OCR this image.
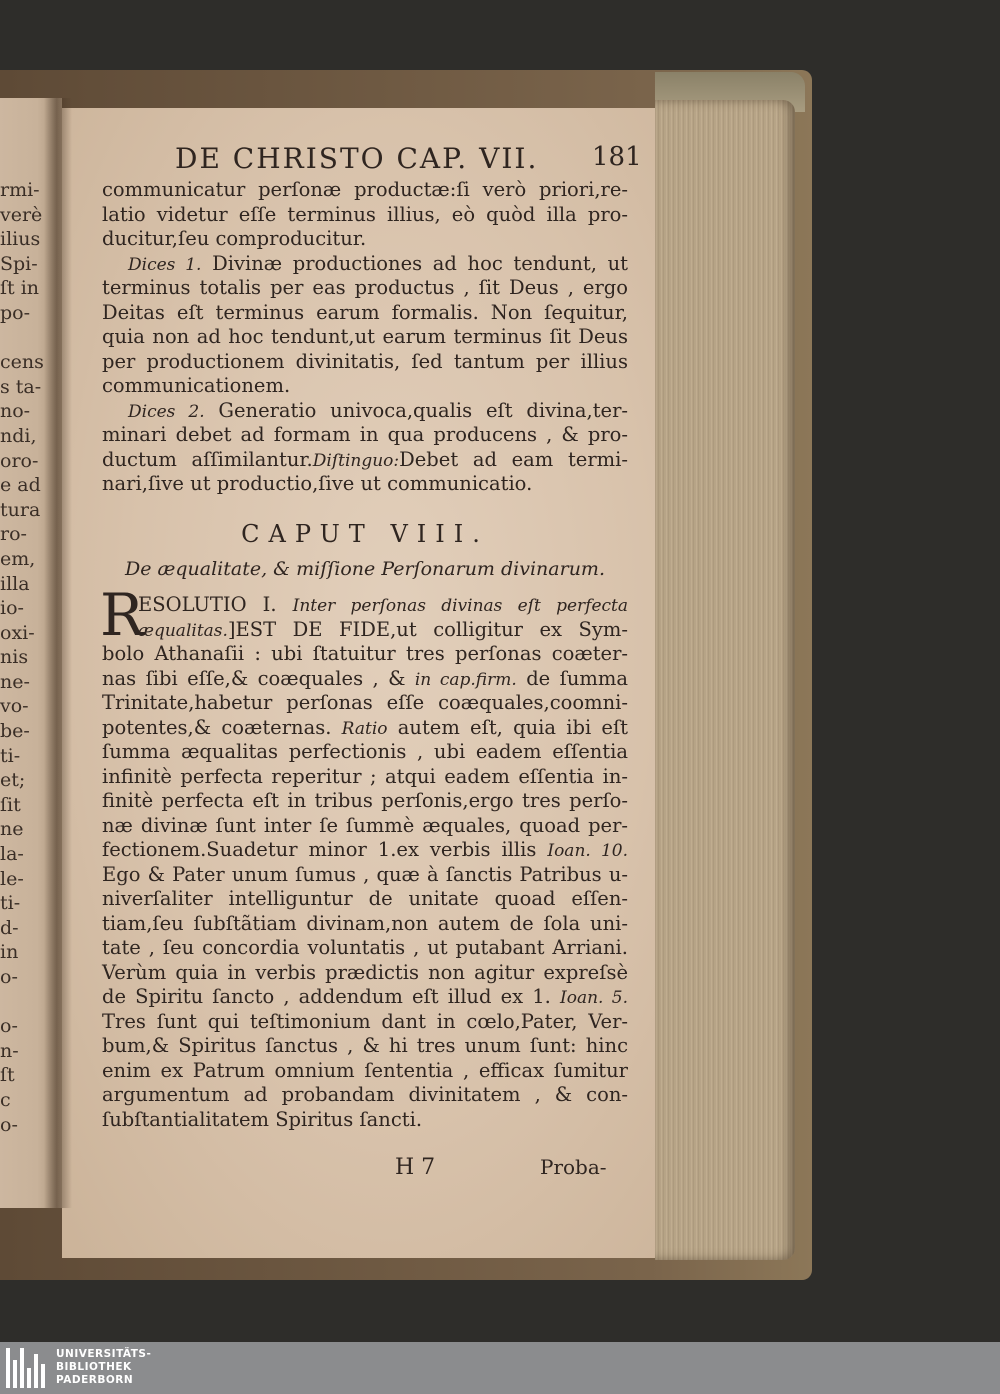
rmi-
verè
ilius
Spi-
ſt in
po-
cens
s ta-
no-
ndi,
oro-
e ad
tura
ro-
em,
illa
io-
oxi-
nis
ne-
vo-
be-
ti-
et;
ſit
ne
la-
le-
ti-
d-
in
o-
o-
n-
ſt
c
o-
DE CHRISTO CAP. VII. 181
communicatur perſonæ productæ:ſi verò priori,re-
latio videtur eſſe terminus illius, eò quòd illa pro-
ducitur,ſeu comproducitur.
Dices 1. Divinæ productiones ad hoc tendunt, ut
terminus totalis per eas productus , ſit Deus , ergo
Deitas eſt terminus earum formalis. Non ſequitur,
quia non ad hoc tendunt,ut earum terminus ſit Deus
per productionem divinitatis, ſed tantum per illius
communicationem.
Dices 2. Generatio univoca,qualis eſt divina,ter-
minari debet ad formam in qua producens , & pro-
ductum aſſimilantur.Diſtinguo:Debet ad eam termi-
nari,ſive ut productio,ſive ut communicatio.
CAPUT VIII.
De æqualitate, & miſſione Perſonarum divinarum.
R
ESOLUTIO I. Inter perſonas divinas eſt perfecta
æqualitas.]EST DE FIDE,ut colligitur ex Sym-
bolo Athanaſii : ubi ſtatuitur tres perſonas coæter-
nas ſibi eſſe,& coæquales , & in cap.firm. de ſumma
Trinitate,habetur perſonas eſſe coæquales,coomni-
potentes,& coæternas. Ratio autem eſt, quia ibi eſt
ſumma æqualitas perfectionis , ubi eadem eſſentia
infinitè perfecta reperitur ; atqui eadem eſſentia in-
finitè perfecta eſt in tribus perſonis,ergo tres perſo-
næ divinæ ſunt inter ſe ſummè æquales, quoad per-
fectionem.Suadetur minor 1.ex verbis illis Ioan. 10.
Ego & Pater unum ſumus , quæ à ſanctis Patribus u-
niverſaliter intelliguntur de unitate quoad eſſen-
tiam,ſeu ſubſtãtiam divinam,non autem de ſola uni-
tate , ſeu concordia voluntatis , ut putabant Arriani.
Verùm quia in verbis prædictis non agitur expreſsè
de Spiritu ſancto , addendum eſt illud ex 1. Ioan. 5.
Tres ſunt qui teſtimonium dant in cœlo,Pater, Ver-
bum,& Spiritus ſanctus , & hi tres unum ſunt: hinc
enim ex Patrum omnium ſententia , efficax ſumitur
argumentum ad probandam divinitatem , & con-
ſubſtantialitatem Spiritus ſancti.
H 7	Proba-
UNIVERSITÄTS-
BIBLIOTHEK
PADERBORN
